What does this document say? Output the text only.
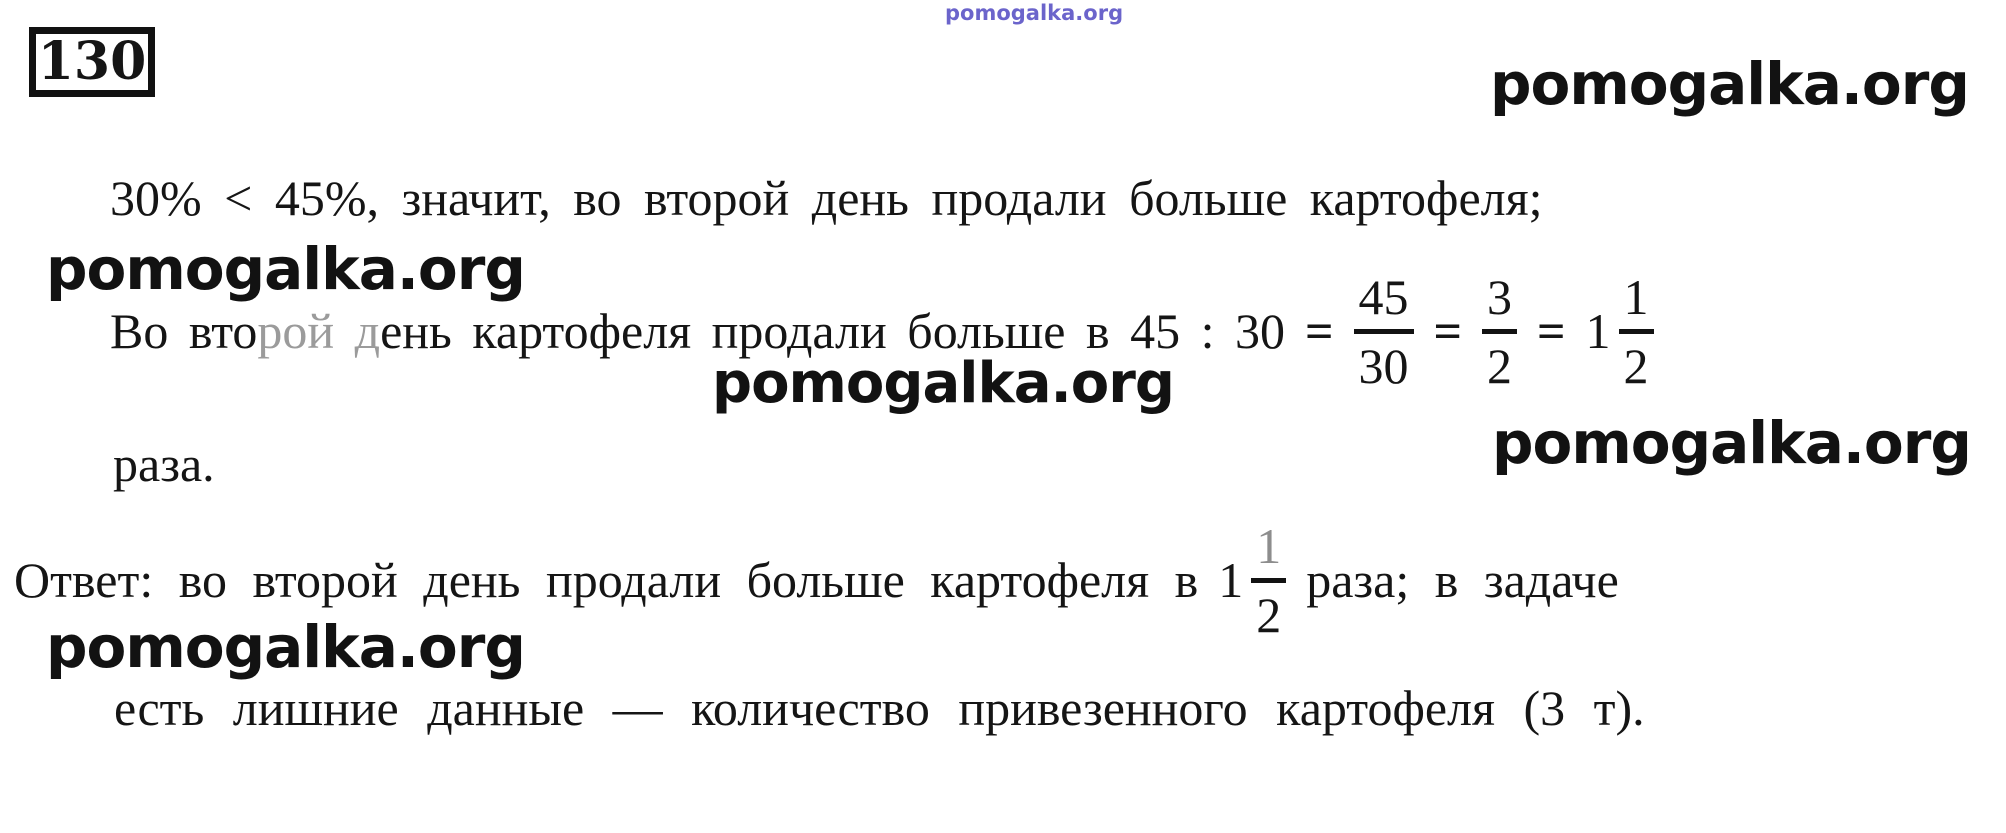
130
pomogalka.org
pomogalka.org
30% < 45%, значит, во второй день продали больше картофеля;
pomogalka.org
Во второй день картофеля продали больше в 45 : 30 =
45
30
=
3
2
= 1
1
2
pomogalka.org
раза.	pomogalka.org
Ответ: во второй день продали больше картофеля в 1
1
2
раза; в задаче
pomogalka.org
есть лишние данные — количество привезенного картофеля (3 т).
